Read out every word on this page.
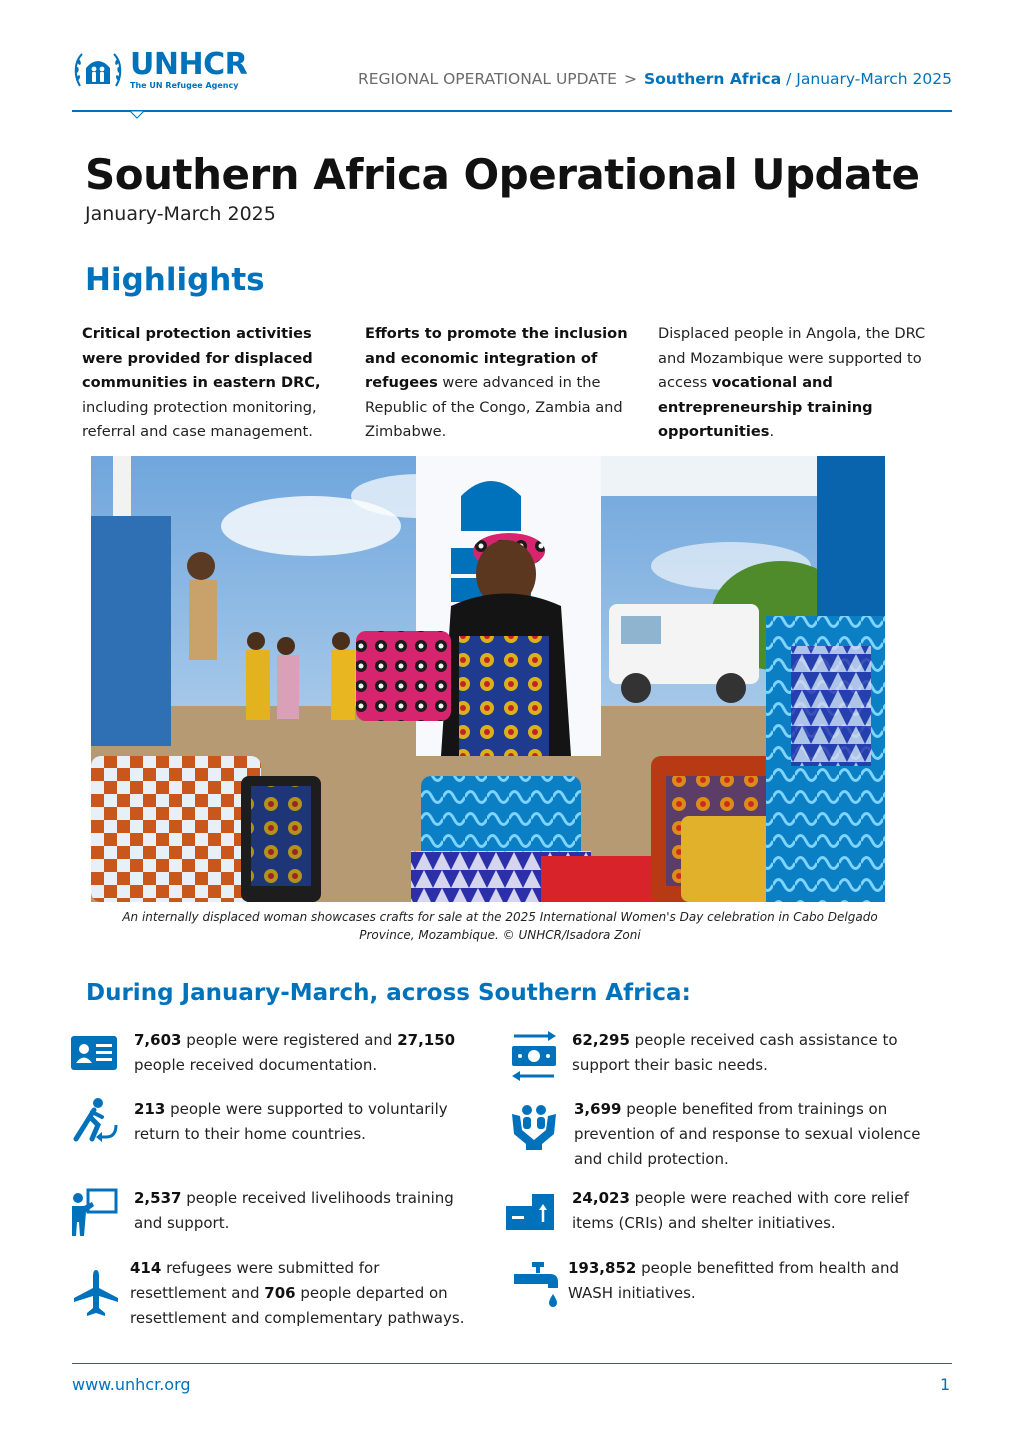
UNHCR
The UN Refugee Agency	REGIONAL OPERATIONAL UPDATE > Southern Africa / January-March 2025
Southern Africa Operational Update
January-March 2025
Highlights

Critical protection activities were provided for displaced communities in eastern DRC, including protection monitoring, referral and case management.

Efforts to promote the inclusion and economic integration of refugees were advanced in the Republic of the Congo, Zambia and Zimbabwe.

Displaced people in Angola, the DRC and Mozambique were supported to access vocational and entrepreneurship training opportunities.

An internally displaced woman showcases crafts for sale at the 2025 International Women's Day celebration in Cabo Delgado Province, Mozambique. © UNHCR/Isadora Zoni

During January-March, across Southern Africa:

7,603 people were registered and 27,150 people received documentation.

213 people were supported to voluntarily return to their home countries.

2,537 people received livelihoods training and support.

414 refugees were submitted for resettlement and 706 people departed on resettlement and complementary pathways.

62,295 people received cash assistance to support their basic needs.

3,699 people benefited from trainings on prevention of and response to sexual violence and child protection.

24,023 people were reached with core relief items (CRIs) and shelter initiatives.

193,852 people benefitted from health and WASH initiatives.

www.unhcr.org	1
